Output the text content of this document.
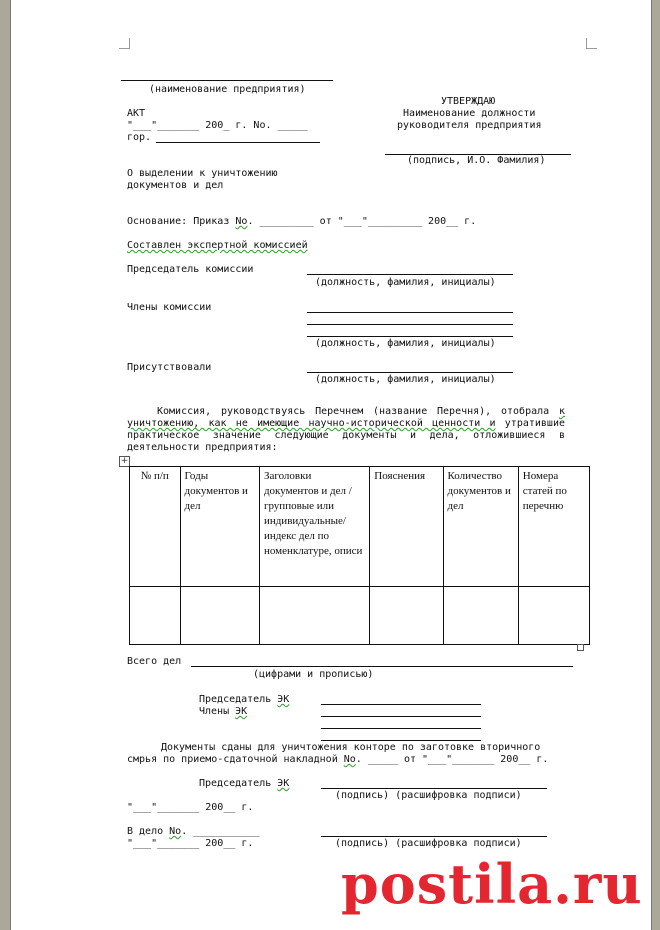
(наименование предприятия)
АКТ
"___"_______ 200_ г. No. _____
гор.
УТВЕРЖДАЮ
Наименование должности
руководителя предприятия
(подпись, И.О. Фамилия)
О выделении к уничтожению
документов и дел
Основание: Приказ No. _________ от "___"_________ 200__ г.
Составлен экспертной комиссией
Председатель комиссии
(должность, фамилия, инициалы)
Члены комиссии
(должность, фамилия, инициалы)
Присутствовали
(должность, фамилия, инициалы)
Комиссия, руководствуясь Перечнем (название Перечня), отобрала к уничтожению, как не имеющие научно-исторической ценности и утратившие практическое значение следующие документы и дела, отложившиеся в деятельности предприятия:
+
№ п/п	Годы документов и дел	Заголовки документов и дел /групповые или индивидуальные/ индекс дел по номенклатуре, описи	Пояснения	Количество документов и дел	Номера статей по перечню

Всего дел
(цифрами и прописью)
Председатель ЭК
Члены ЭК
Документы сданы для уничтожения конторе по заготовке вторичного
смрья по приемо-сдаточной накладной No. _____ от "___"_______ 200__ г.
Председатель ЭК
(подпись) (расшифровка подписи)
"___"_______ 200__ г.
В дело No. ___________
"___"_______ 200__ г.	(подпись) (расшифровка подписи)
postila.ru
